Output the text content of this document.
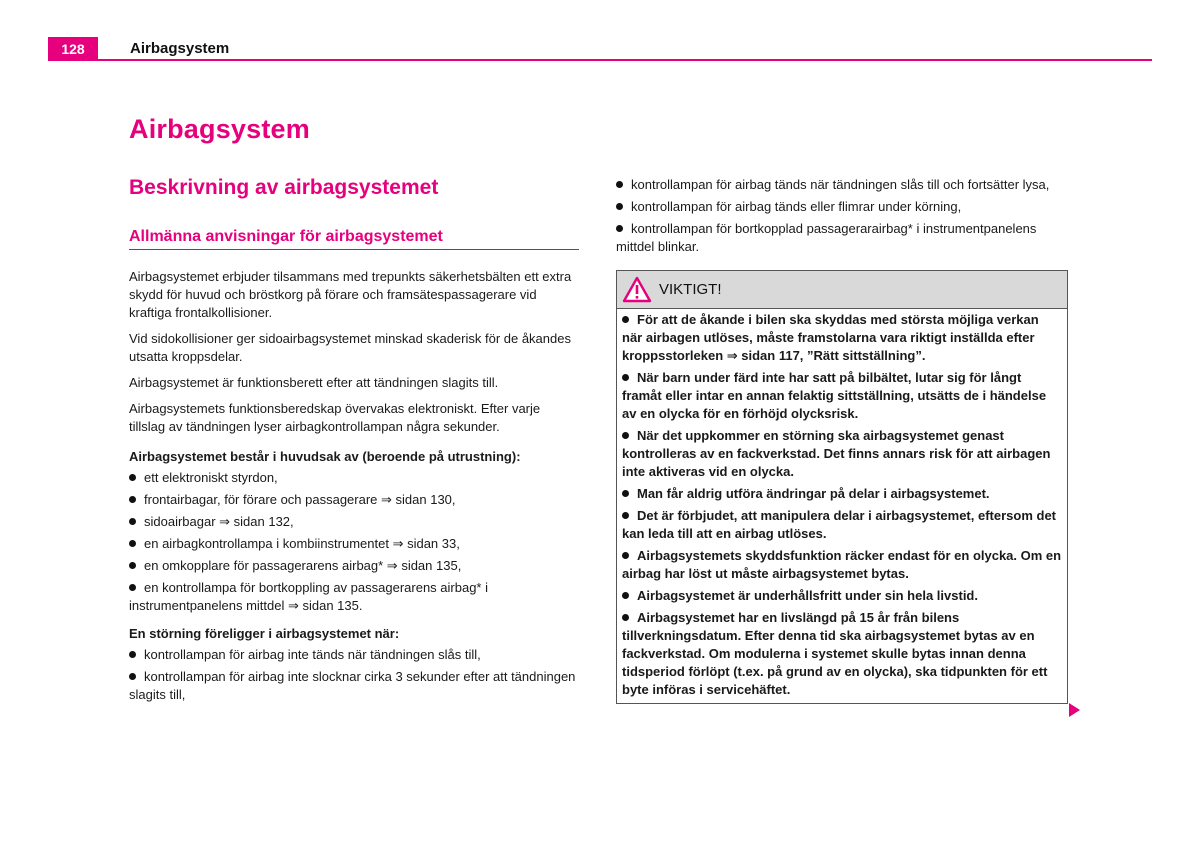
128	Airbagsystem
Airbagsystem
Beskrivning av airbagsystemet
Allmänna anvisningar för airbagsystemet

Airbagsystemet erbjuder tilsammans med trepunkts säkerhetsbälten ett extra skydd för huvud och bröstkorg på förare och framsätespassagerare vid kraftiga frontalkollisioner.

Vid sidokollisioner ger sidoairbagsystemet minskad skaderisk för de åkandes utsatta kroppsdelar.

Airbagsystemet är funktionsberett efter att tändningen slagits till.

Airbagsystemets funktionsberedskap övervakas elektroniskt. Efter varje tillslag av tändningen lyser airbagkontrollampan några sekunder.

Airbagsystemet består i huvudsak av (beroende på utrustning):

ett elektroniskt styrdon,
frontairbagar, för förare och passagerare ⇒ sidan 130,
sidoairbagar ⇒ sidan 132,
en airbagkontrollampa i kombiinstrumentet ⇒ sidan 33,
en omkopplare för passagerarens airbag* ⇒ sidan 135,
en kontrollampa för bortkoppling av passagerarens airbag* i instrumentpanelens mittdel ⇒ sidan 135.

En störning föreligger i airbagsystemet när:

kontrollampan för airbag inte tänds när tändningen slås till,
kontrollampan för airbag inte slocknar cirka 3 sekunder efter att tändningen slagits till,
kontrollampan för airbag tänds när tändningen slås till och fortsätter lysa,
kontrollampan för airbag tänds eller flimrar under körning,
kontrollampan för bortkopplad passagerarairbag* i instrumentpanelens mittdel blinkar.
VIKTIGT!

För att de åkande i bilen ska skyddas med största möjliga verkan när airbagen utlöses, måste framstolarna vara riktigt inställda efter kroppsstorleken ⇒ sidan 117, ”Rätt sittställning”.

När barn under färd inte har satt på bilbältet, lutar sig för långt framåt eller intar en annan felaktig sittställning, utsätts de i händelse av en olycka för en förhöjd olycksrisk.

När det uppkommer en störning ska airbagsystemet genast kontrolleras av en fackverkstad. Det finns annars risk för att airbagen inte aktiveras vid en olycka.

Man får aldrig utföra ändringar på delar i airbagsystemet.

Det är förbjudet, att manipulera delar i airbagsystemet, eftersom det kan leda till att en airbag utlöses.

Airbagsystemets skyddsfunktion räcker endast för en olycka. Om en airbag har löst ut måste airbagsystemet bytas.

Airbagsystemet är underhållsfritt under sin hela livstid.

Airbagsystemet har en livslängd på 15 år från bilens tillverkningsdatum. Efter denna tid ska airbagsystemet bytas av en fackverkstad. Om modulerna i systemet skulle bytas innan denna tidsperiod förlöpt (t.ex. på grund av en olycka), ska tidpunkten för ett byte införas i servicehäftet.
